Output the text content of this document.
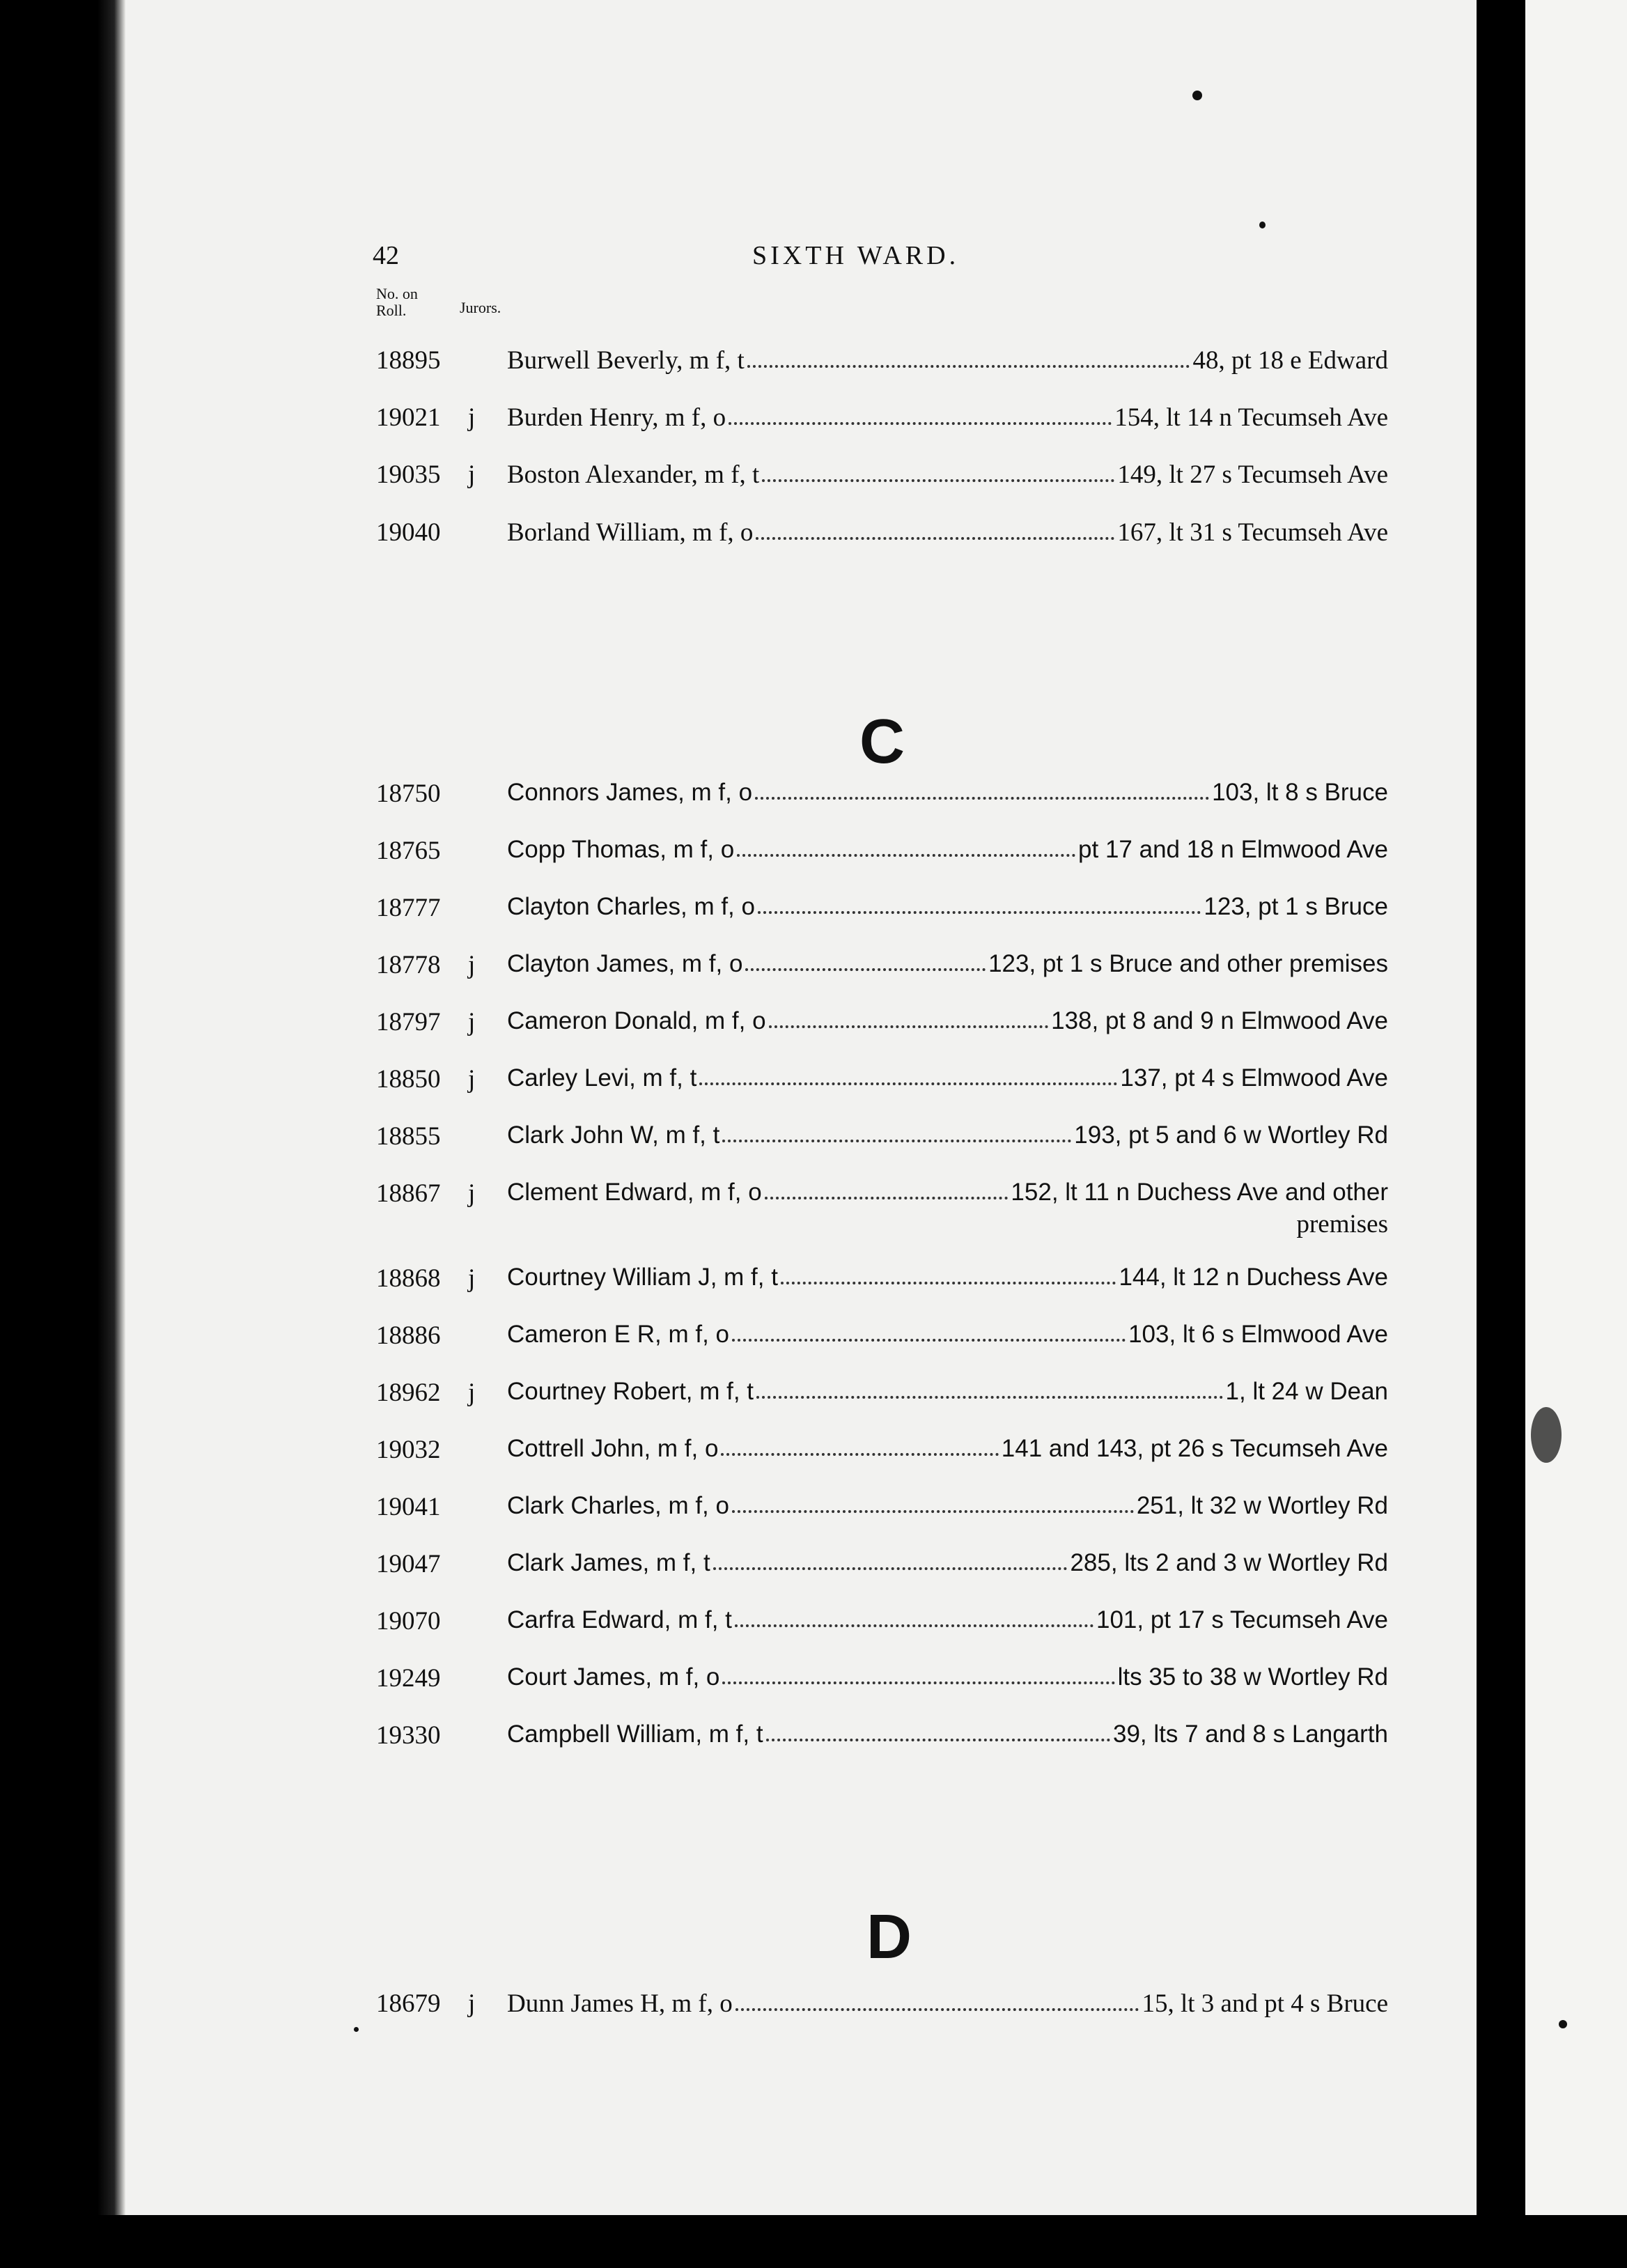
42	SIXTH WARD.
No. on Roll.	Jurors.
18895	Burwell Beverly, m f, t	48, pt 18 e Edward
19021 j Burden Henry, m f, o	154, lt 14 n Tecumseh Ave
19035 j Boston Alexander, m f, t	149, lt 27 s Tecumseh Ave
19040	Borland William, m f, o	167, lt 31 s Tecumseh Ave
C
18750	Connors James, m f, o	103, lt 8 s Bruce
18765	Copp Thomas, m f, o	pt 17 and 18 n Elmwood Ave
18777	Clayton Charles, m f, o	123, pt 1 s Bruce
18778 j Clayton James, m f, o	123, pt 1 s Bruce and other premises
18797 j Cameron Donald, m f, o	138, pt 8 and 9 n Elmwood Ave
18850 j Carley Levi, m f, t	137, pt 4 s Elmwood Ave
18855	Clark John W, m f, t	193, pt 5 and 6 w Wortley Rd
18867 j Clement Edward, m f, o	152, lt 11 n Duchess Ave and other
premises
18868 j Courtney William J, m f, t	144, lt 12 n Duchess Ave
18886	Cameron E R, m f, o	103, lt 6 s Elmwood Ave
18962 j Courtney Robert, m f, t	1, lt 24 w Dean
19032	Cottrell John, m f, o	141 and 143, pt 26 s Tecumseh Ave
19041	Clark Charles, m f, o	251, lt 32 w Wortley Rd
19047	Clark James, m f, t	285, lts 2 and 3 w Wortley Rd
19070	Carfra Edward, m f, t	101, pt 17 s Tecumseh Ave
19249	Court James, m f, o	lts 35 to 38 w Wortley Rd
19330	Campbell William, m f, t	39, lts 7 and 8 s Langarth
D
18679 j Dunn James H, m f, o	15, lt 3 and pt 4 s Bruce
